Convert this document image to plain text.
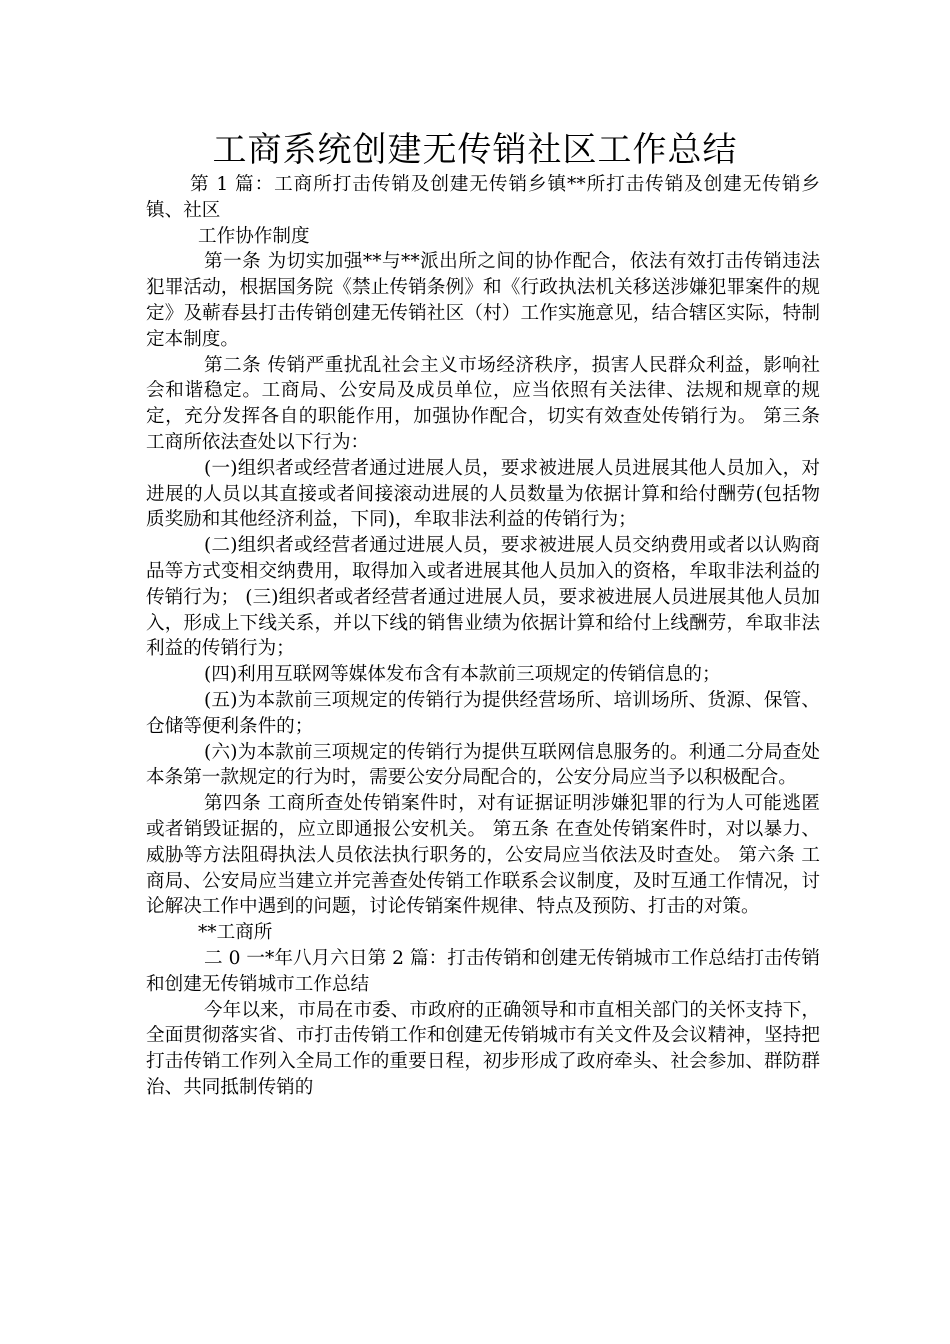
工商系统创建无传销社区工作总结

第 1 篇：工商所打击传销及创建无传销乡镇**所打击传销及创建无传销乡镇、社区

工作协作制度

第一条 为切实加强**与**派出所之间的协作配合，依法有效打击传销违法犯罪活动，根据国务院《禁止传销条例》和《行政执法机关移送涉嫌犯罪案件的规定》及蕲春县打击传销创建无传销社区（村）工作实施意见，结合辖区实际，特制定本制度。

第二条 传销严重扰乱社会主义市场经济秩序，损害人民群众利益，影响社会和谐稳定。工商局、公安局及成员单位，应当依照有关法律、法规和规章的规定，充分发挥各自的职能作用，加强协作配合，切实有效查处传销行为。 第三条 工商所依法查处以下行为：

(一)组织者或经营者通过进展人员，要求被进展人员进展其他人员加入，对进展的人员以其直接或者间接滚动进展的人员数量为依据计算和给付酬劳(包括物质奖励和其他经济利益，下同)，牟取非法利益的传销行为；

(二)组织者或经营者通过进展人员，要求被进展人员交纳费用或者以认购商品等方式变相交纳费用，取得加入或者进展其他人员加入的资格，牟取非法利益的传销行为； (三)组织者或者经营者通过进展人员，要求被进展人员进展其他人员加入，形成上下线关系，并以下线的销售业绩为依据计算和给付上线酬劳，牟取非法利益的传销行为；

(四)利用互联网等媒体发布含有本款前三项规定的传销信息的；

(五)为本款前三项规定的传销行为提供经营场所、培训场所、货源、保管、仓储等便利条件的；

(六)为本款前三项规定的传销行为提供互联网信息服务的。利通二分局查处本条第一款规定的行为时，需要公安分局配合的，公安分局应当予以积极配合。

第四条 工商所查处传销案件时，对有证据证明涉嫌犯罪的行为人可能逃匿或者销毁证据的，应立即通报公安机关。 第五条 在查处传销案件时，对以暴力、威胁等方法阻碍执法人员依法执行职务的，公安局应当依法及时查处。 第六条 工商局、公安局应当建立并完善查处传销工作联系会议制度，及时互通工作情况，讨论解决工作中遇到的问题，讨论传销案件规律、特点及预防、打击的对策。

**工商所

二 0 一*年八月六日第 2 篇：打击传销和创建无传销城市工作总结打击传销和创建无传销城市工作总结

今年以来，市局在市委、市政府的正确领导和市直相关部门的关怀支持下，全面贯彻落实省、市打击传销工作和创建无传销城市有关文件及会议精神，坚持把打击传销工作列入全局工作的重要日程，初步形成了政府牵头、社会参加、群防群治、共同抵制传销的
